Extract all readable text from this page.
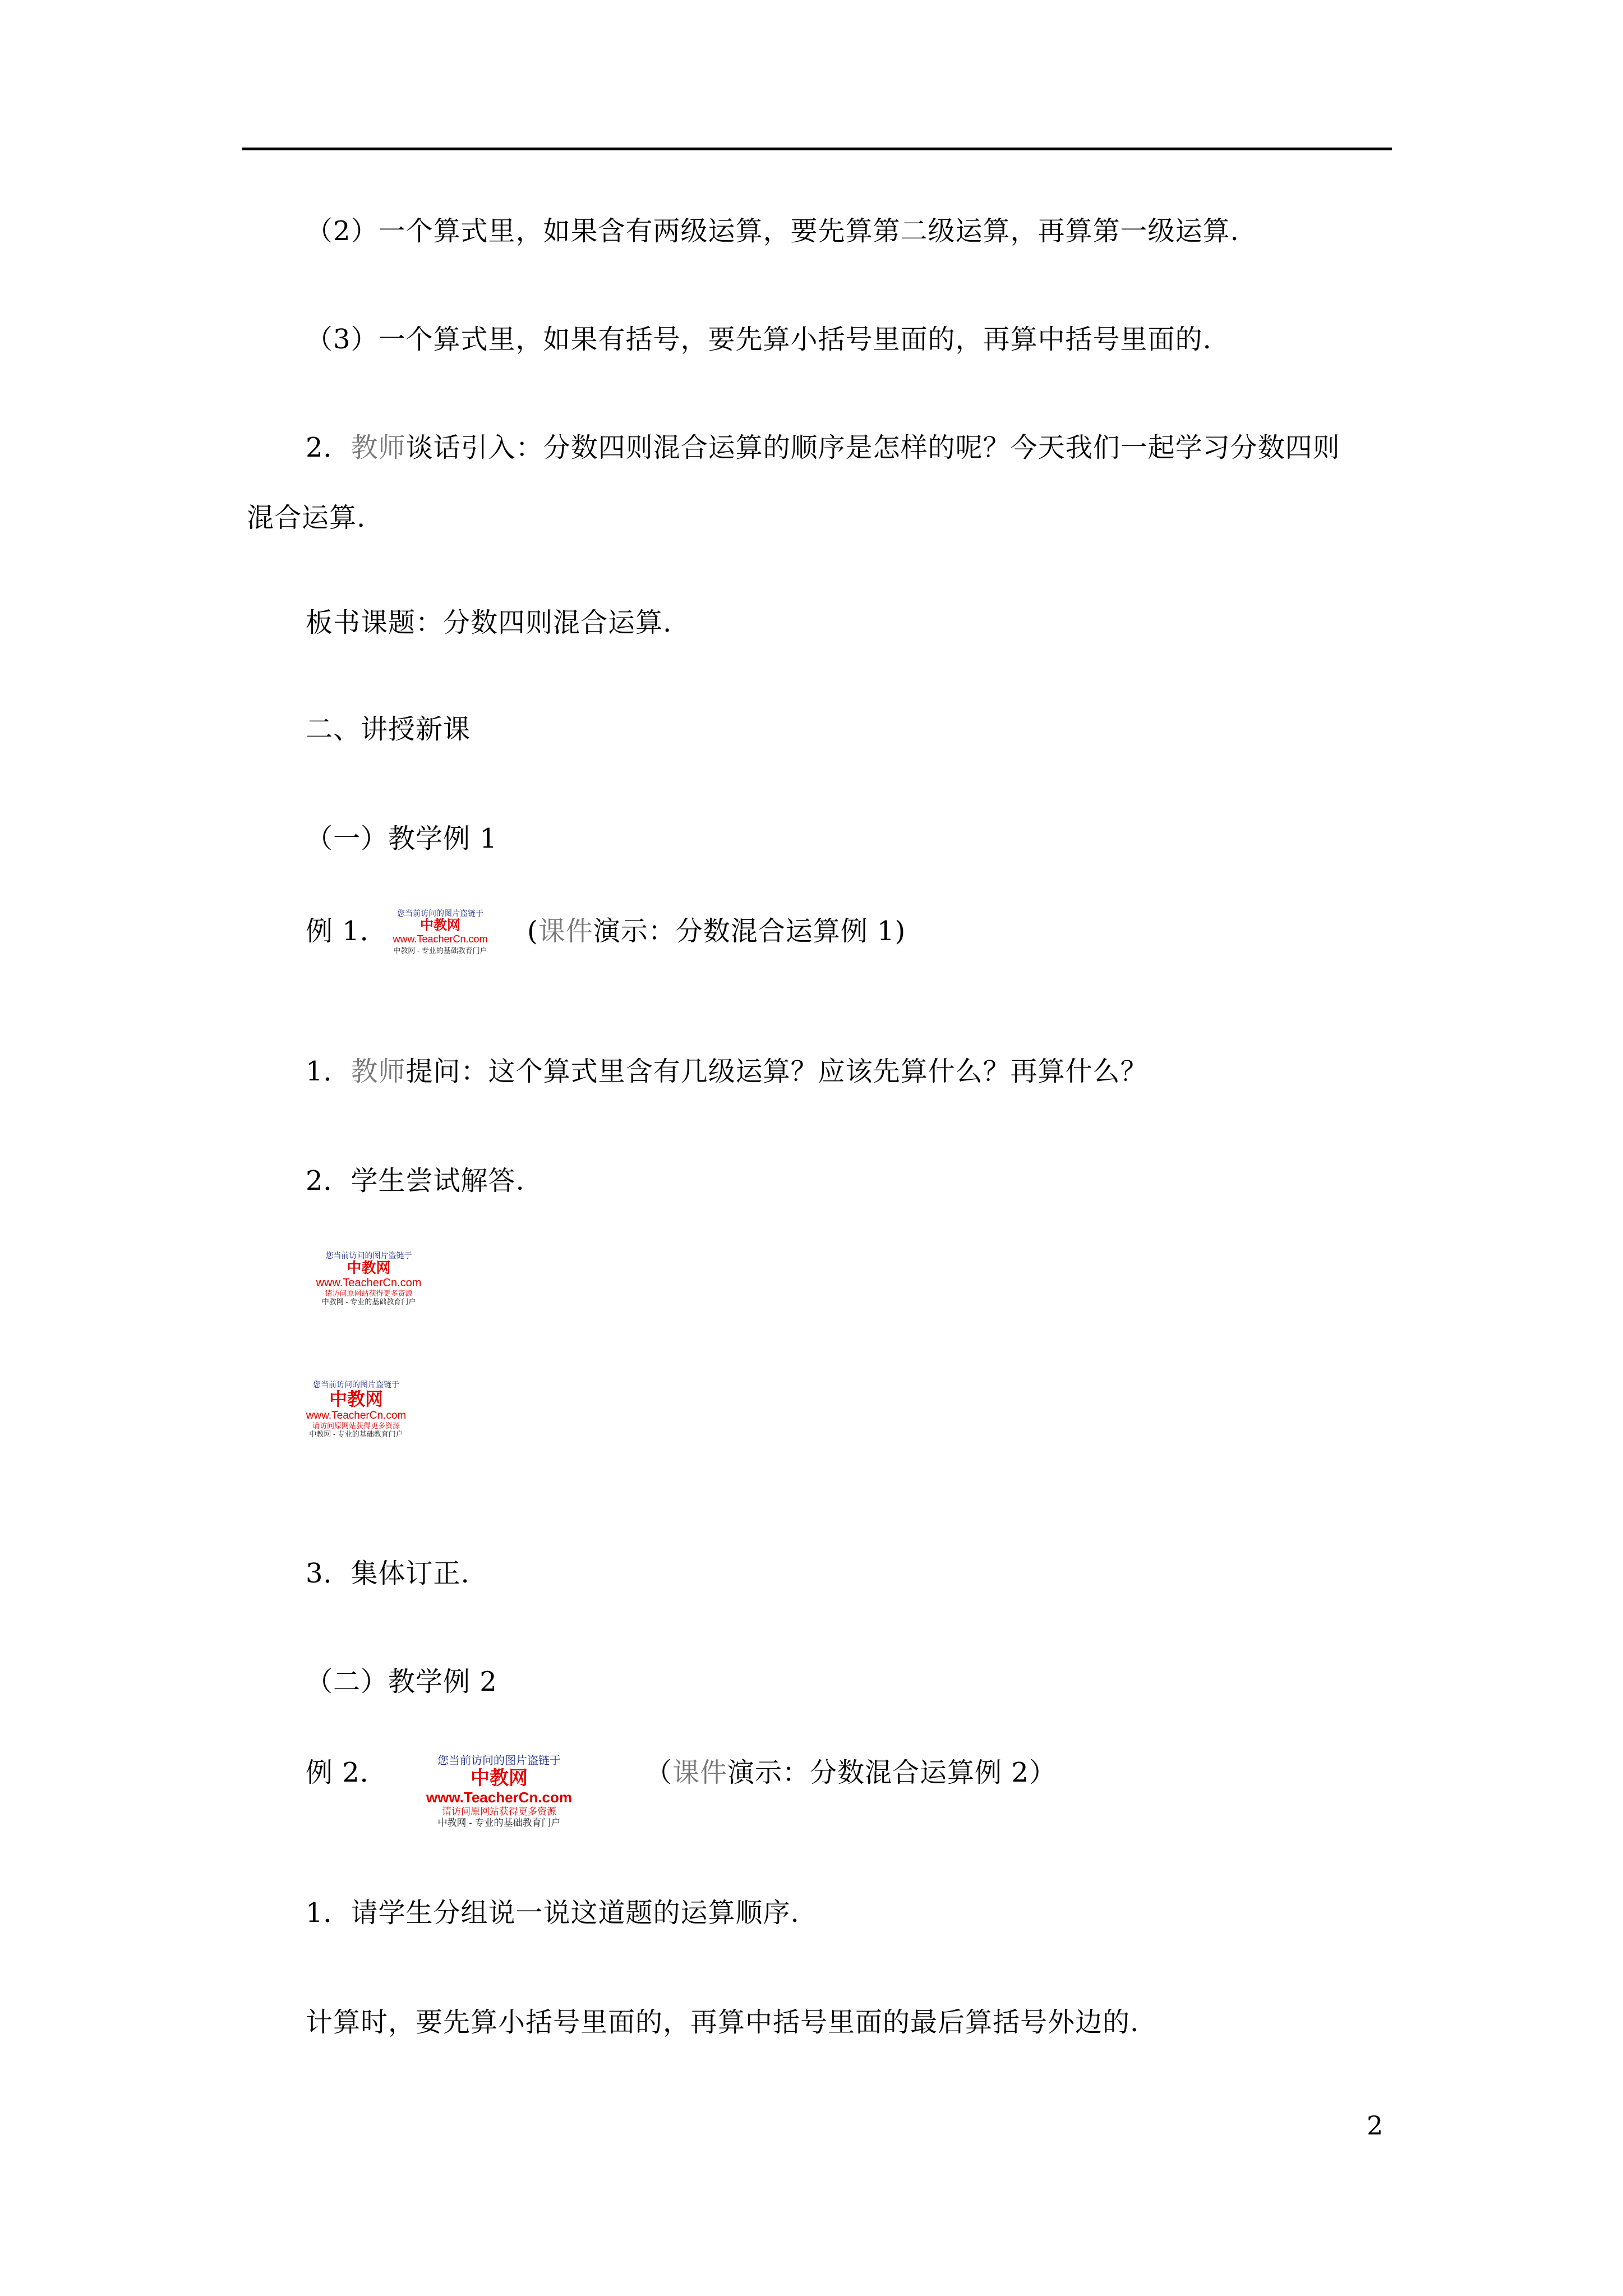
（2）一个算式里，如果含有两级运算，要先算第二级运算，再算第一级运算.
（3）一个算式里，如果有括号，要先算小括号里面的，再算中括号里面的.
2．教师谈话引入：分数四则混合运算的顺序是怎样的呢？今天我们一起学习分数四则
混合运算.
板书课题：分数四则混合运算.
二、讲授新课
（一）教学例 1
例 1．	(课件演示：分数混合运算例 1)
您当前访问的图片盗链于
中教网
www.TeacherCn.com
中教网 - 专业的基础教育门户
1．教师提问：这个算式里含有几级运算？应该先算什么？再算什么？
2．学生尝试解答.
您当前访问的图片盗链于
中教网
www.TeacherCn.com
请访问原网站获得更多资源
中教网 - 专业的基础教育门户
您当前访问的图片盗链于
中教网
www.TeacherCn.com
请访问原网站获得更多资源
中教网 - 专业的基础教育门户
3．集体订正.
（二）教学例 2
例 2．	（课件演示：分数混合运算例 2）
您当前访问的图片盗链于
中教网
www.TeacherCn.com
请访问原网站获得更多资源
中教网 - 专业的基础教育门户
1．请学生分组说一说这道题的运算顺序.
计算时，要先算小括号里面的，再算中括号里面的最后算括号外边的.
2
